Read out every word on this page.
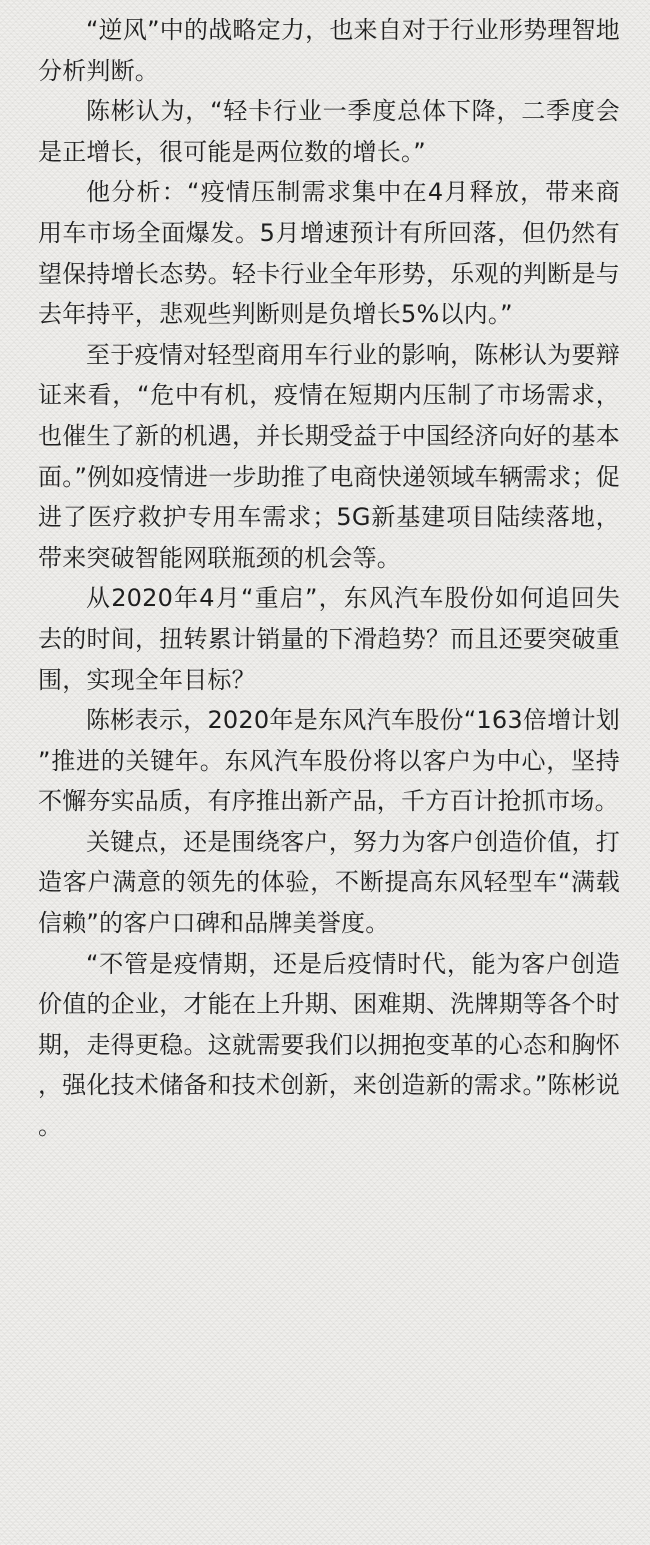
“逆风”中的战略定力，也来自对于行业形势理智地分析判断。

陈彬认为，“轻卡行业一季度总体下降，二季度会是正增长，很可能是两位数的增长。”

他分析：“疫情压制需求集中在4月释放，带来商用车市场全面爆发。5月增速预计有所回落，但仍然有望保持增长态势。轻卡行业全年形势，乐观的判断是与去年持平，悲观些判断则是负增长5%以内。”

至于疫情对轻型商用车行业的影响，陈彬认为要辩证来看，“危中有机，疫情在短期内压制了市场需求，也催生了新的机遇，并长期受益于中国经济向好的基本面。”例如疫情进一步助推了电商快递领域车辆需求；促进了医疗救护专用车需求；5G新基建项目陆续落地，带来突破智能网联瓶颈的机会等。

从2020年4月“重启”，东风汽车股份如何追回失去的时间，扭转累计销量的下滑趋势？而且还要突破重围，实现全年目标？

陈彬表示，2020年是东风汽车股份“163倍增计划”推进的关键年。东风汽车股份将以客户为中心，坚持不懈夯实品质，有序推出新产品，千方百计抢抓市场。

关键点，还是围绕客户，努力为客户创造价值，打造客户满意的领先的体验，不断提高东风轻型车“满载信赖”的客户口碑和品牌美誉度。

“不管是疫情期，还是后疫情时代，能为客户创造价值的企业，才能在上升期、困难期、洗牌期等各个时期，走得更稳。这就需要我们以拥抱变革的心态和胸怀，强化技术储备和技术创新，来创造新的需求。”陈彬说。
